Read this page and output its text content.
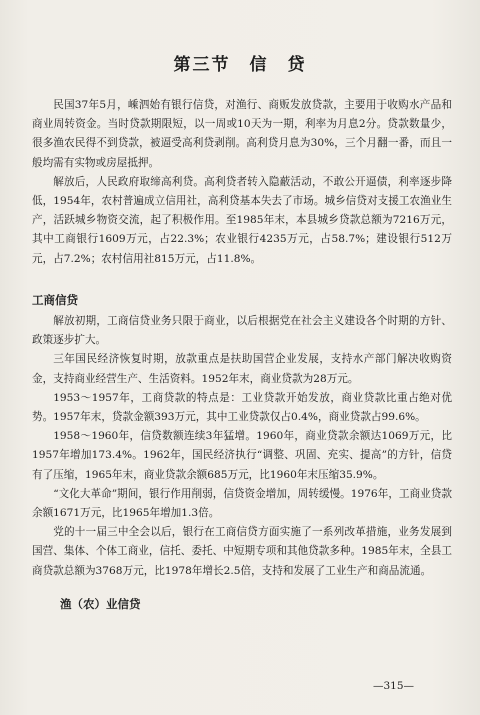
第三节　信　贷

民国37年5月，嵊泗始有银行信贷，对渔行、商贩发放贷款，主要用于收购水产品和商业周转资金。当时贷款期限短，以一周或10天为一期，利率为月息2分。贷款数量少，很多渔农民得不到贷款，被逼受高利贷剥削。高利贷月息为30%，三个月翻一番，而且一般均需有实物或房屋抵押。

解放后，人民政府取缔高利贷。高利贷者转入隐蔽活动，不敢公开逼债，利率逐步降低，1954年，农村普遍成立信用社，高利贷基本失去了市场。城乡信贷对支援工农渔业生产，活跃城乡物资交流，起了积极作用。至1985年末，本县城乡贷款总额为7216万元，其中工商银行1609万元，占22.3%；农业银行4235万元，占58.7%；建设银行512万元，占7.2%；农村信用社815万元，占11.8%。

工商信贷

解放初期，工商信贷业务只限于商业，以后根据党在社会主义建设各个时期的方针、政策逐步扩大。

三年国民经济恢复时期，放款重点是扶助国营企业发展，支持水产部门解决收购资金，支持商业经营生产、生活资料。1952年末，商业贷款为28万元。

1953～1957年，工商贷款的特点是：工业贷款开始发放，商业贷款比重占绝对优势。1957年末，贷款金额393万元，其中工业贷款仅占0.4%，商业贷款占99.6%。

1958～1960年，信贷数额连续3年猛增。1960年，商业贷款余额达1069万元，比1957年增加173.4%。1962年，国民经济执行“调整、巩固、充实、提高”的方针，信贷有了压缩，1965年末，商业贷款余额685万元，比1960年末压缩35.9%。

“文化大革命”期间，银行作用削弱，信贷资金增加，周转缓慢。1976年，工商业贷款余额1671万元，比1965年增加1.3倍。

党的十一届三中全会以后，银行在工商信贷方面实施了一系列改革措施，业务发展到国营、集体、个体工商业，信托、委托、中短期专项和其他贷款多种。1985年末，全县工商贷款总额为3768万元，比1978年增长2.5倍，支持和发展了工业生产和商品流通。

渔（农）业信贷
—315—
